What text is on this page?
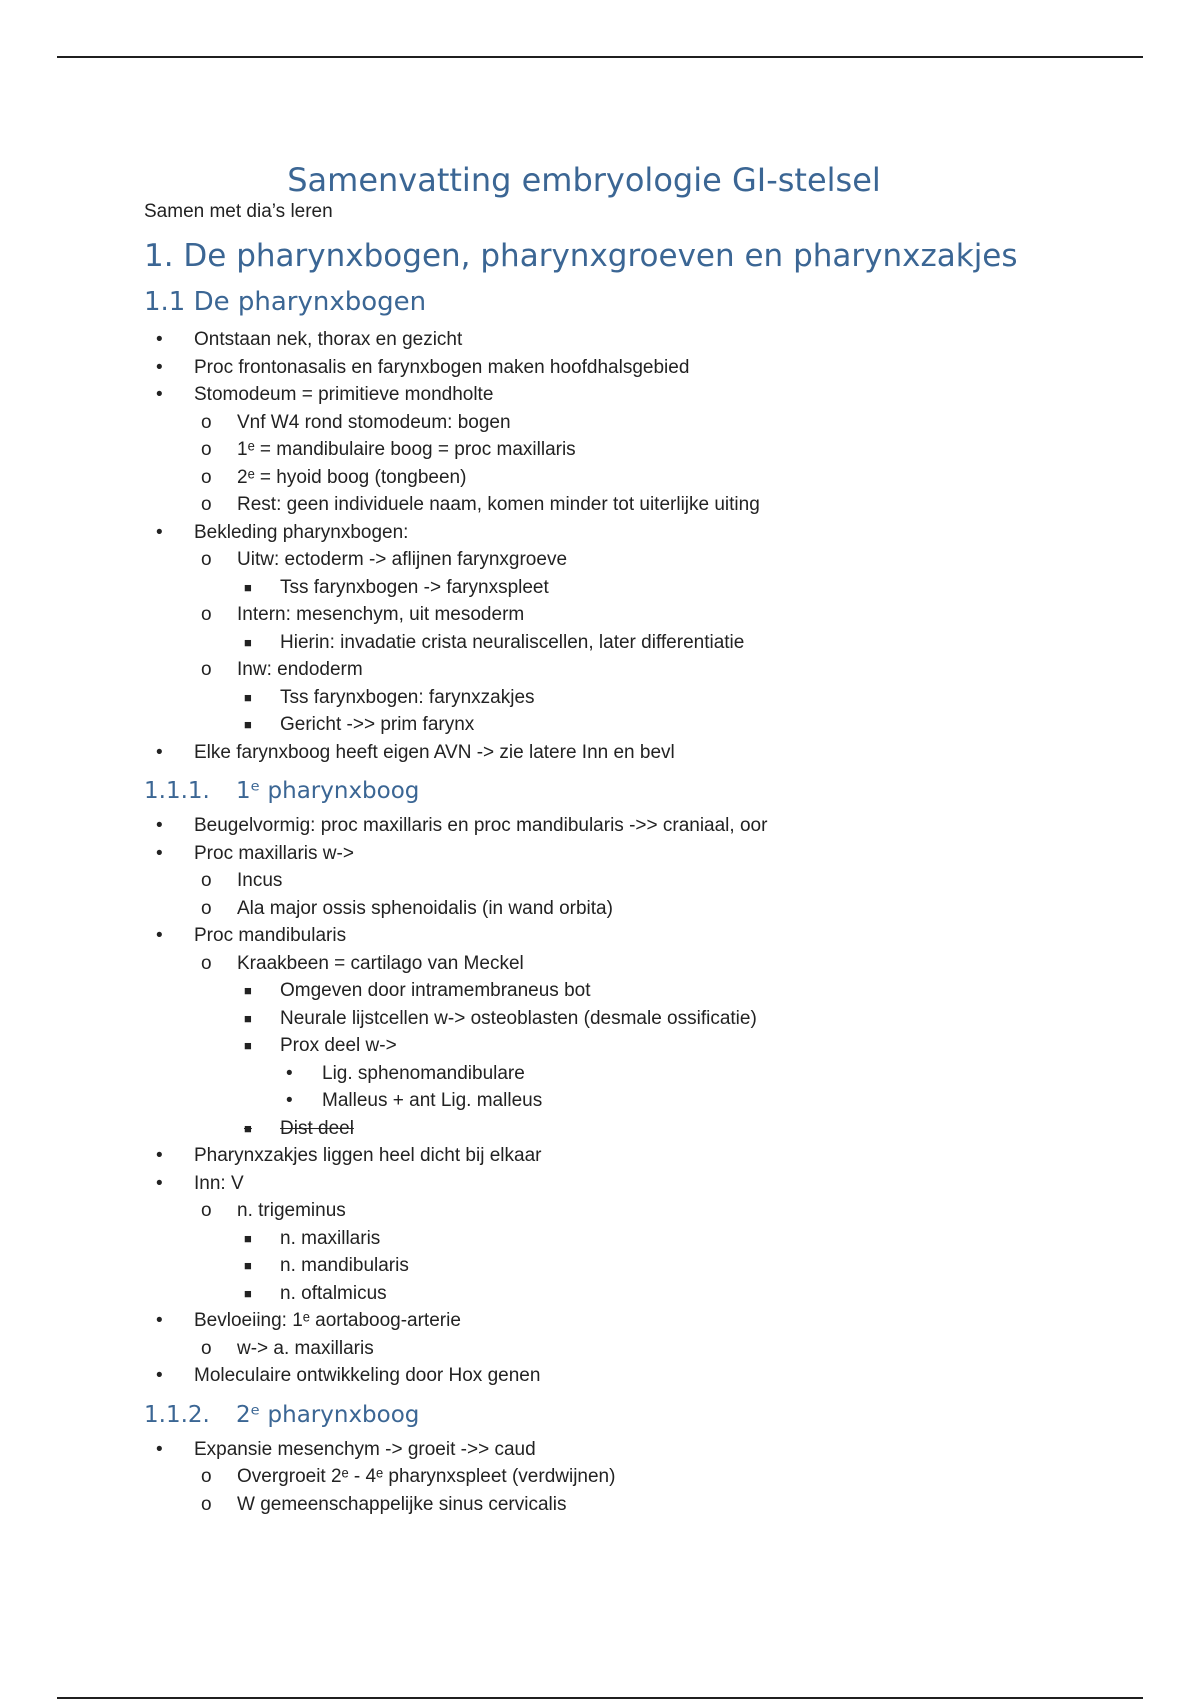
Samenvatting embryologie GI-stelsel

Samen met dia’s leren

1. De pharynxbogen, pharynxgroeven en pharynxzakjes
1.1 De pharynxbogen
• Ontstaan nek, thorax en gezicht
• Proc frontonasalis en farynxbogen maken hoofdhalsgebied
• Stomodeum = primitieve mondholte
o Vnf W4 rond stomodeum: bogen
o 1ᵉ = mandibulaire boog = proc maxillaris
o 2ᵉ = hyoid boog (tongbeen)
o Rest: geen individuele naam, komen minder tot uiterlijke uiting
• Bekleding pharynxbogen:
o Uitw: ectoderm -> aflijnen farynxgroeve
■ Tss farynxbogen -> farynxspleet
o Intern: mesenchym, uit mesoderm
■ Hierin: invadatie crista neuraliscellen, later differentiatie
o Inw: endoderm
■ Tss farynxbogen: farynxzakjes
■ Gericht ->> prim farynx
• Elke farynxboog heeft eigen AVN -> zie latere Inn en bevl
1.1.1. 1ᵉ pharynxboog
• Beugelvormig: proc maxillaris en proc mandibularis ->> craniaal, oor
• Proc maxillaris w->
o Incus
o Ala major ossis sphenoidalis (in wand orbita)
• Proc mandibularis
o Kraakbeen = cartilago van Meckel
■ Omgeven door intramembraneus bot
■ Neurale lijstcellen w-> osteoblasten (desmale ossificatie)
■ Prox deel w->
• Lig. sphenomandibulare
• Malleus + ant Lig. malleus
■ Dist deel
• Pharynxzakjes liggen heel dicht bij elkaar
• Inn: V
o n. trigeminus
■ n. maxillaris
■ n. mandibularis
■ n. oftalmicus
• Bevloeiing: 1ᵉ aortaboog-arterie
o w-> a. maxillaris
• Moleculaire ontwikkeling door Hox genen
1.1.2. 2ᵉ pharynxboog
• Expansie mesenchym -> groeit ->> caud
o Overgroeit 2ᵉ - 4ᵉ pharynxspleet (verdwijnen)
o W gemeenschappelijke sinus cervicalis
